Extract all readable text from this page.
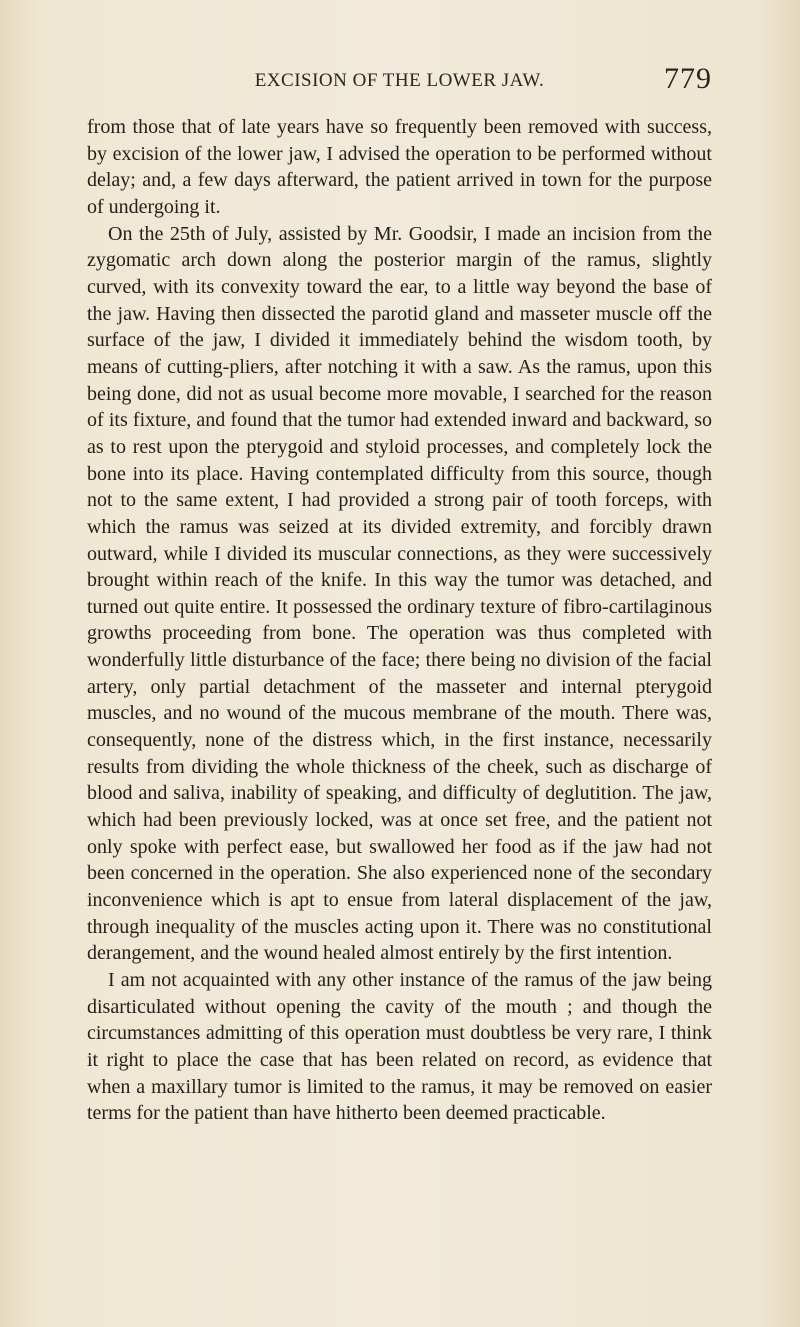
EXCISION OF THE LOWER JAW.	779

from those that of late years have so frequently been removed with success, by excision of the lower jaw, I advised the operation to be performed without delay; and, a few days afterward, the patient arrived in town for the purpose of undergoing it.

On the 25th of July, assisted by Mr. Goodsir, I made an incision from the zygomatic arch down along the posterior margin of the ramus, slightly curved, with its convexity toward the ear, to a little way beyond the base of the jaw. Having then dissected the parotid gland and masseter muscle off the surface of the jaw, I divided it immediately behind the wisdom tooth, by means of cutting-pliers, after notching it with a saw. As the ramus, upon this being done, did not as usual become more movable, I searched for the reason of its fixture, and found that the tumor had extended inward and backward, so as to rest upon the pterygoid and styloid processes, and completely lock the bone into its place. Having contemplated difficulty from this source, though not to the same extent, I had provided a strong pair of tooth forceps, with which the ramus was seized at its divided extremity, and forcibly drawn outward, while I divided its muscular connections, as they were successively brought within reach of the knife. In this way the tumor was detached, and turned out quite entire. It possessed the ordinary texture of fibro-cartilaginous growths proceeding from bone. The operation was thus completed with wonderfully little disturbance of the face; there being no division of the facial artery, only partial detachment of the masseter and internal pterygoid muscles, and no wound of the mucous membrane of the mouth. There was, consequently, none of the distress which, in the first instance, necessarily results from dividing the whole thickness of the cheek, such as discharge of blood and saliva, inability of speaking, and difficulty of deglutition. The jaw, which had been previously locked, was at once set free, and the patient not only spoke with perfect ease, but swallowed her food as if the jaw had not been concerned in the operation. She also experienced none of the secondary inconvenience which is apt to ensue from lateral displacement of the jaw, through inequality of the muscles acting upon it. There was no constitutional derangement, and the wound healed almost entirely by the first intention.

I am not acquainted with any other instance of the ramus of the jaw being disarticulated without opening the cavity of the mouth ; and though the circumstances admitting of this operation must doubtless be very rare, I think it right to place the case that has been related on record, as evidence that when a maxillary tumor is limited to the ramus, it may be removed on easier terms for the patient than have hitherto been deemed practicable.
